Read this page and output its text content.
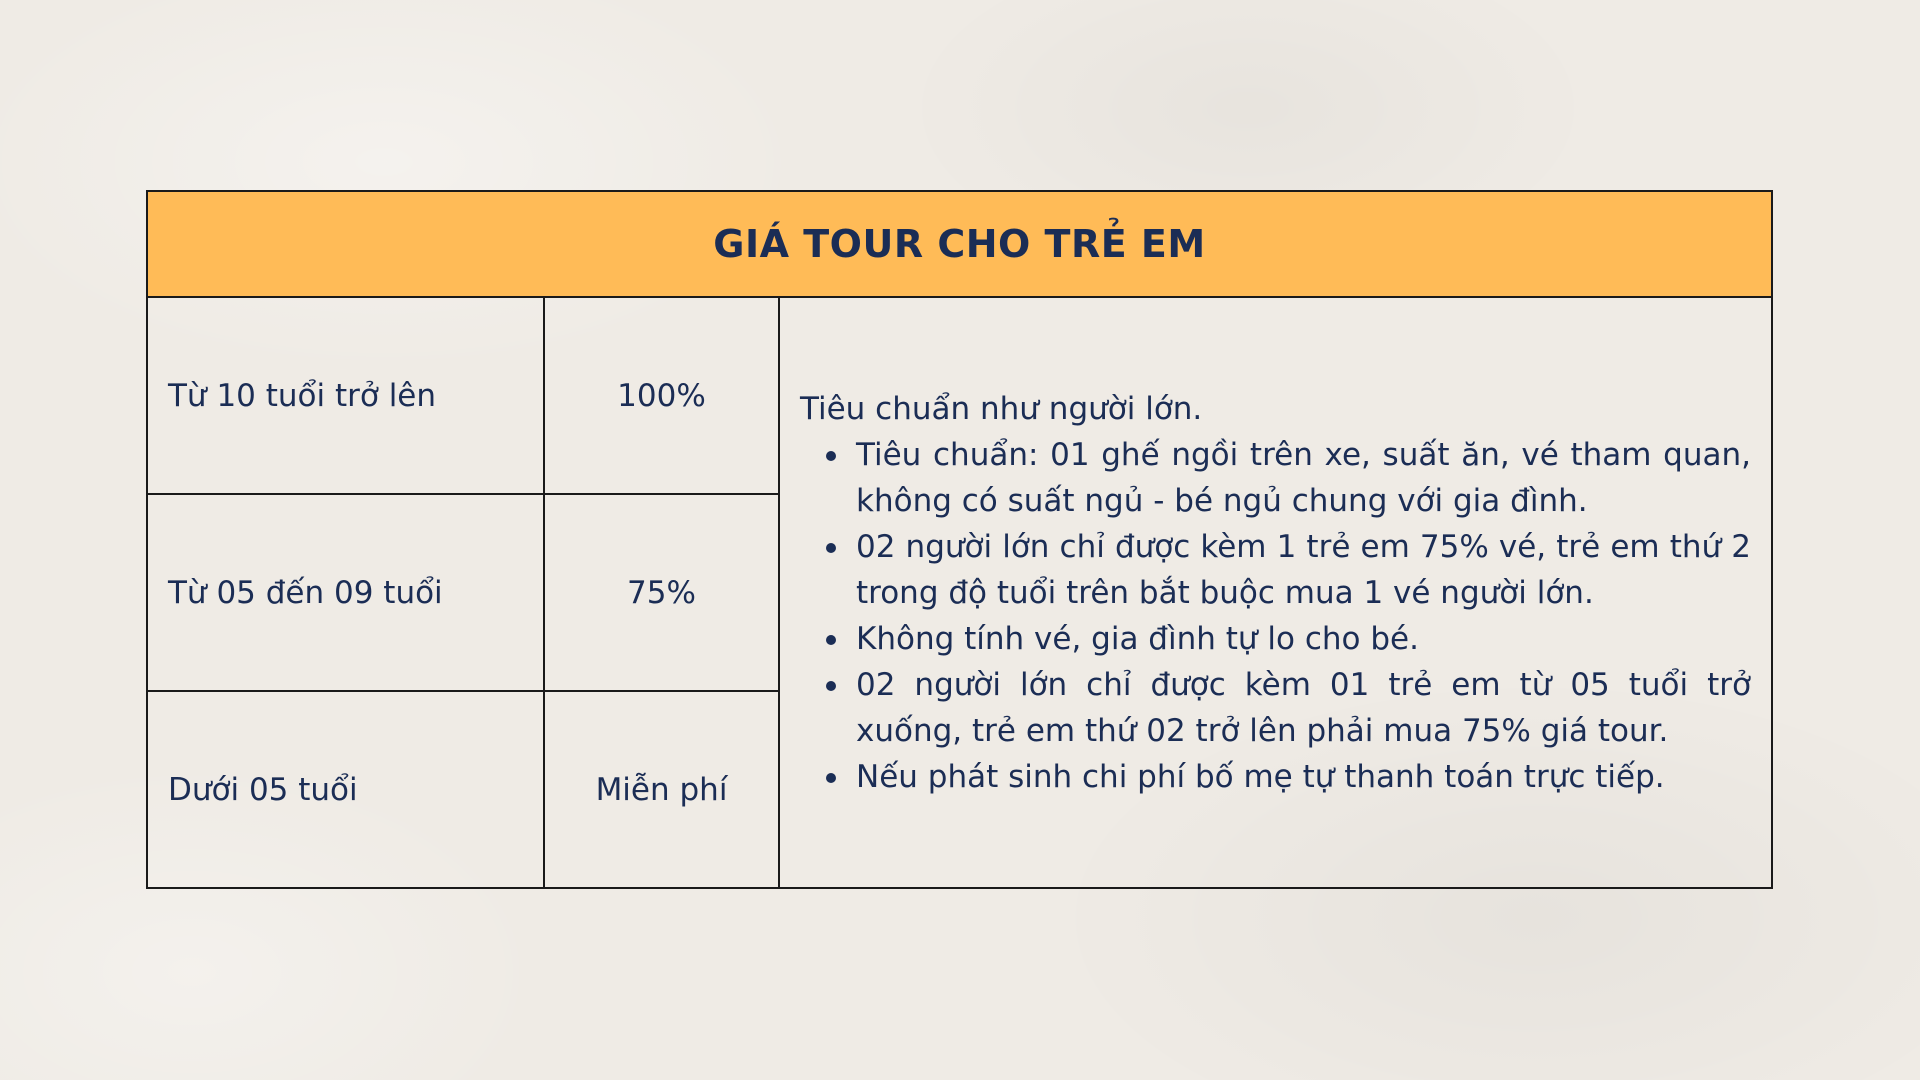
GIÁ TOUR CHO TRẺ EM
Từ 10 tuổi trở lên	100%
Từ 05 đến 09 tuổi	75%
Dưới 05 tuổi	Miễn phí

Tiêu chuẩn như người lớn.

Tiêu chuẩn: 01 ghế ngồi trên xe, suất ăn, vé tham quan, không có suất ngủ - bé ngủ chung với gia đình.
02 người lớn chỉ được kèm 1 trẻ em 75% vé, trẻ em thứ 2 trong độ tuổi trên bắt buộc mua 1 vé người lớn.
Không tính vé, gia đình tự lo cho bé.
02 người lớn chỉ được kèm 01 trẻ em từ 05 tuổi trở xuống, trẻ em thứ 02 trở lên phải mua 75% giá tour.
Nếu phát sinh chi phí bố mẹ tự thanh toán trực tiếp.
